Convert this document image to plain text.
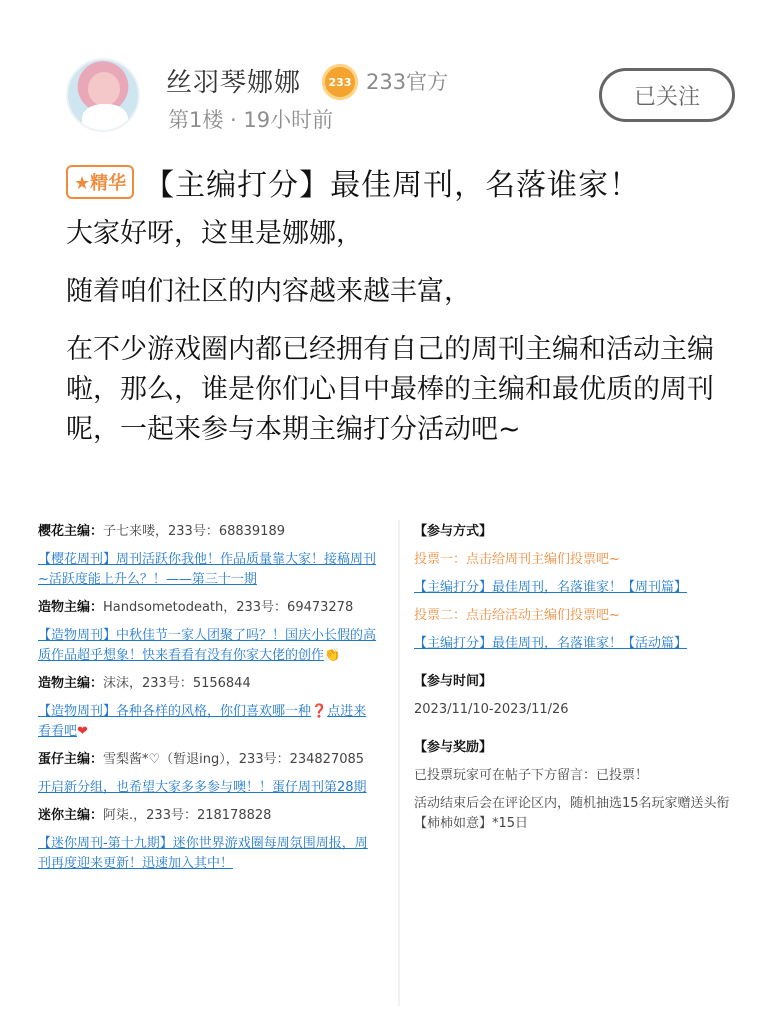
丝羽琴娜娜	233 233官方
第1楼 · 19小时前
已关注
★精华 【主编打分】最佳周刊，名落谁家！

大家好呀，这里是娜娜，

随着咱们社区的内容越来越丰富，

在不少游戏圈内都已经拥有自己的周刊主编和活动主编啦，那么，谁是你们心目中最棒的主编和最优质的周刊呢，一起来参与本期主编打分活动吧~

樱花主编：子七来喽，233号：68839189
【樱花周刊】周刊活跃你我他！作品质量靠大家！接稿周刊~活跃度能上升么？！——第三十一期
造物主编：Handsometodeath，233号：69473278
【造物周刊】中秋佳节一家人团聚了吗？！国庆小长假的高质作品超乎想象！快来看看有没有你家大佬的创作👏
造物主编：沫沫，233号：5156844
【造物周刊】各种各样的风格，你们喜欢哪一种❓点进来看看吧❤
蛋仔主编：雪梨酱*♡（暂退ing），233号：234827085
开启新分组，也希望大家多多参与噢！！蛋仔周刊第28期
迷你主编：阿柒.，233号：218178828
【迷你周刊-第十九期】迷你世界游戏圈每周氛围周报，周刊再度迎来更新！迅速加入其中！
【参与方式】
投票一：点击给周刊主编们投票吧~
【主编打分】最佳周刊，名落谁家！【周刊篇】
投票二：点击给活动主编们投票吧~
【主编打分】最佳周刊，名落谁家！【活动篇】
【参与时间】
2023/11/10-2023/11/26
【参与奖励】
已投票玩家可在帖子下方留言：已投票！
活动结束后会在评论区内，随机抽选15名玩家赠送头衔【柿柿如意】*15日
